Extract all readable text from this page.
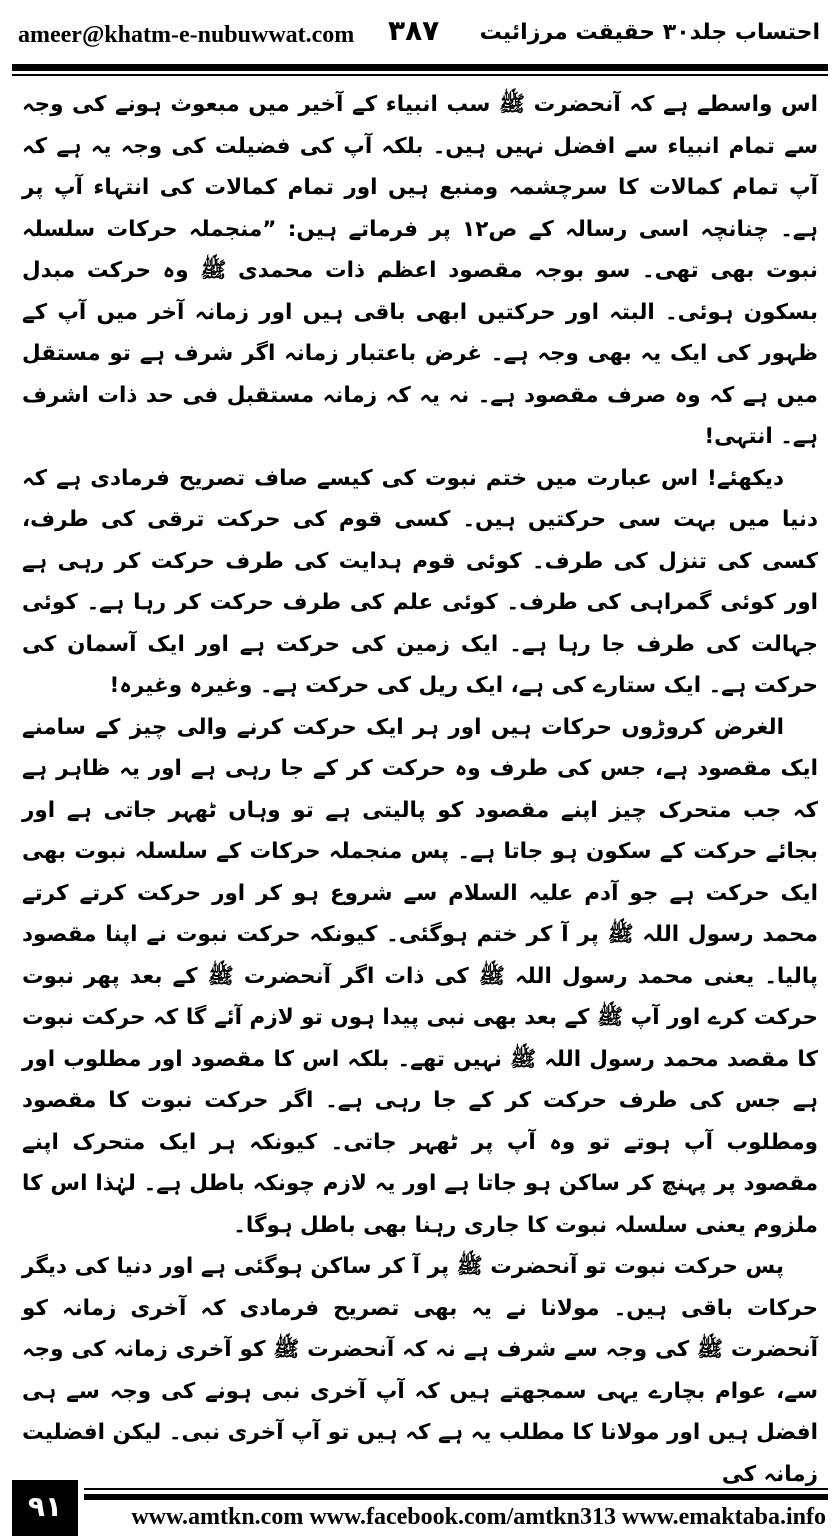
ameer@khatm-e-nubuwwat.com ۳۸۷ احتساب جلد۳۰ حقیقت مرزائیت

اس واسطے ہے کہ آنحضرت ﷺ سب انبیاء کے آخیر میں مبعوث ہونے کی وجہ سے تمام انبیاء سے افضل نہیں ہیں۔ بلکہ آپ کی فضیلت کی وجہ یہ ہے کہ آپ تمام کمالات کا سرچشمہ ومنبع ہیں اور تمام کمالات کی انتہاء آپ پر ہے۔ چنانچہ اسی رسالہ کے ص۱۲ پر فرماتے ہیں: ”منجملہ حرکات سلسلہ نبوت بھی تھی۔ سو بوجہ مقصود اعظم ذات محمدی ﷺ وہ حرکت مبدل بسکون ہوئی۔ البتہ اور حرکتیں ابھی باقی ہیں اور زمانہ آخر میں آپ کے ظہور کی ایک یہ بھی وجہ ہے۔ غرض باعتبار زمانہ اگر شرف ہے تو مستقل میں ہے کہ وہ صرف مقصود ہے۔ نہ یہ کہ زمانہ مستقبل فی حد ذات اشرف ہے۔ انتہی!

دیکھئے! اس عبارت میں ختم نبوت کی کیسے صاف تصریح فرمادی ہے کہ دنیا میں بہت سی حرکتیں ہیں۔ کسی قوم کی حرکت ترقی کی طرف، کسی کی تنزل کی طرف۔ کوئی قوم ہدایت کی طرف حرکت کر رہی ہے اور کوئی گمراہی کی طرف۔ کوئی علم کی طرف حرکت کر رہا ہے۔ کوئی جہالت کی طرف جا رہا ہے۔ ایک زمین کی حرکت ہے اور ایک آسمان کی حرکت ہے۔ ایک ستارے کی ہے، ایک ریل کی حرکت ہے۔ وغیرہ وغیرہ!

الغرض کروڑوں حرکات ہیں اور ہر ایک حرکت کرنے والی چیز کے سامنے ایک مقصود ہے، جس کی طرف وہ حرکت کر کے جا رہی ہے اور یہ ظاہر ہے کہ جب متحرک چیز اپنے مقصود کو پالیتی ہے تو وہاں ٹھہر جاتی ہے اور بجائے حرکت کے سکون ہو جاتا ہے۔ پس منجملہ حرکات کے سلسلہ نبوت بھی ایک حرکت ہے جو آدم علیہ السلام سے شروع ہو کر اور حرکت کرتے کرتے محمد رسول اللہ ﷺ پر آ کر ختم ہوگئی۔ کیونکہ حرکت نبوت نے اپنا مقصود پالیا۔ یعنی محمد رسول اللہ ﷺ کی ذات اگر آنحضرت ﷺ کے بعد پھر نبوت حرکت کرے اور آپ ﷺ کے بعد بھی نبی پیدا ہوں تو لازم آئے گا کہ حرکت نبوت کا مقصد محمد رسول اللہ ﷺ نہیں تھے۔ بلکہ اس کا مقصود اور مطلوب اور ہے جس کی طرف حرکت کر کے جا رہی ہے۔ اگر حرکت نبوت کا مقصود ومطلوب آپ ہوتے تو وہ آپ پر ٹھہر جاتی۔ کیونکہ ہر ایک متحرک اپنے مقصود پر پہنچ کر ساکن ہو جاتا ہے اور یہ لازم چونکہ باطل ہے۔ لہٰذا اس کا ملزوم یعنی سلسلہ نبوت کا جاری رہنا بھی باطل ہوگا۔

پس حرکت نبوت تو آنحضرت ﷺ پر آ کر ساکن ہوگئی ہے اور دنیا کی دیگر حرکات باقی ہیں۔ مولانا نے یہ بھی تصریح فرمادی کہ آخری زمانہ کو آنحضرت ﷺ کی وجہ سے شرف ہے نہ کہ آنحضرت ﷺ کو آخری زمانہ کی وجہ سے، عوام بچارے یہی سمجھتے ہیں کہ آپ آخری نبی ہونے کی وجہ سے ہی افضل ہیں اور مولانا کا مطلب یہ ہے کہ ہیں تو آپ آخری نبی۔ لیکن افضلیت زمانہ کی

۹۱	www.amtkn.com www.facebook.com/amtkn313 www.emaktaba.info
